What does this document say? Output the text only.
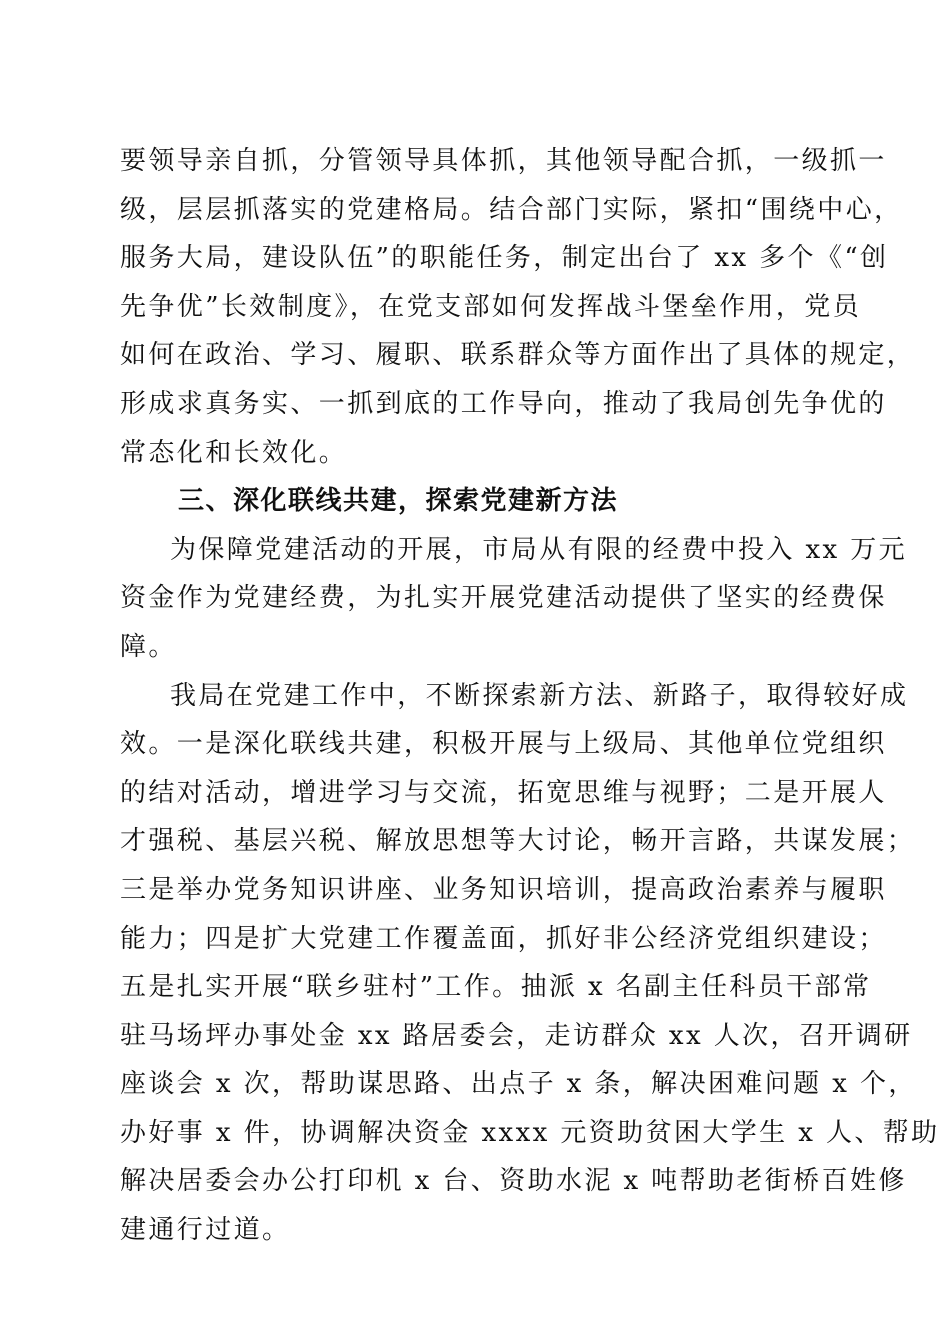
要领导亲自抓，分管领导具体抓，其他领导配合抓，一级抓一
级，层层抓落实的党建格局。结合部门实际，紧扣“围绕中心，
服务大局，建设队伍”的职能任务，制定出台了 xx 多个《“创
先争优”长效制度》，在党支部如何发挥战斗堡垒作用，党员
如何在政治、学习、履职、联系群众等方面作出了具体的规定，
形成求真务实、一抓到底的工作导向，推动了我局创先争优的
常态化和长效化。

三、深化联线共建，探索党建新方法

为保障党建活动的开展，市局从有限的经费中投入 xx 万元
资金作为党建经费，为扎实开展党建活动提供了坚实的经费保
障。

我局在党建工作中，不断探索新方法、新路子，取得较好成
效。一是深化联线共建，积极开展与上级局、其他单位党组织
的结对活动，增进学习与交流，拓宽思维与视野；二是开展人
才强税、基层兴税、解放思想等大讨论，畅开言路，共谋发展；
三是举办党务知识讲座、业务知识培训，提高政治素养与履职
能力；四是扩大党建工作覆盖面，抓好非公经济党组织建设；
五是扎实开展“联乡驻村”工作。抽派 x 名副主任科员干部常
驻马场坪办事处金 xx 路居委会，走访群众 xx 人次，召开调研
座谈会 x 次，帮助谋思路、出点子 x 条，解决困难问题 x 个，
办好事 x 件，协调解决资金 xxxx 元资助贫困大学生 x 人、帮助
解决居委会办公打印机 x 台、资助水泥 x 吨帮助老街桥百姓修
建通行过道。
